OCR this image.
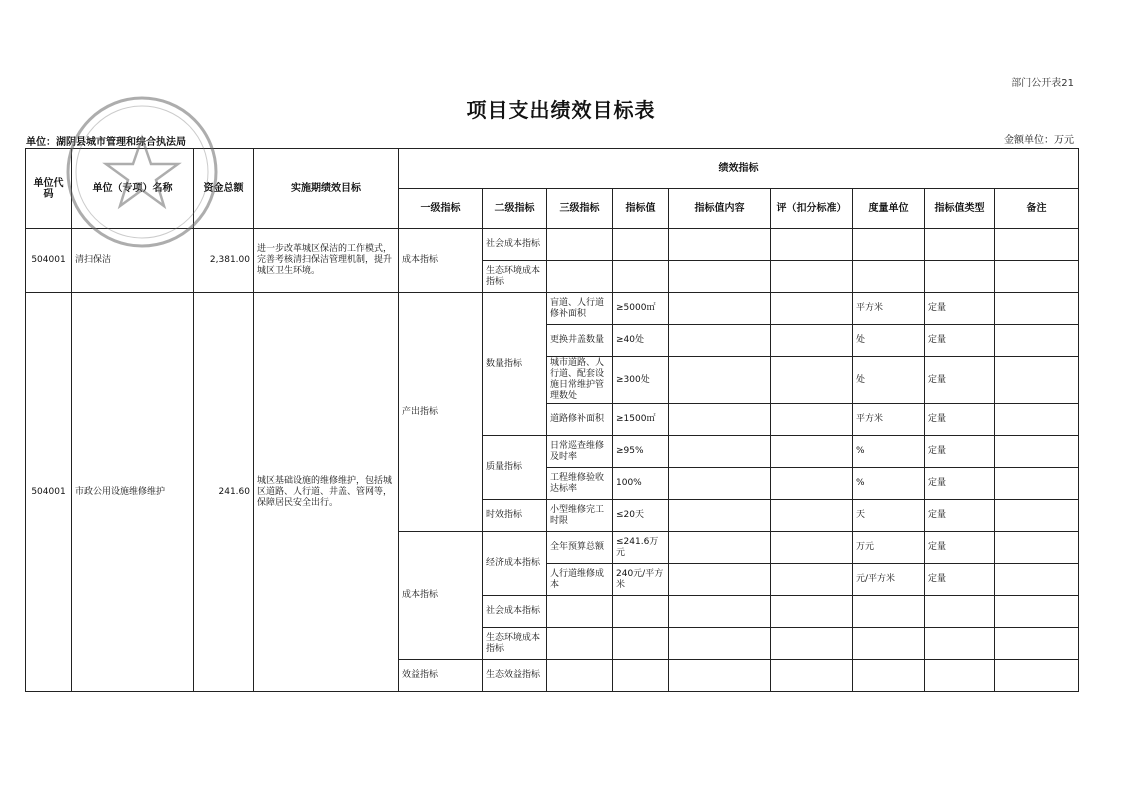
部门公开表21
项目支出绩效目标表
单位：湖阴县城市管理和综合执法局	金额单位：万元
单位代码	单位（专项）名称	资金总额	实施期绩效目标	绩效指标								
				一级指标	二级指标	三级指标	指标值	指标值内容	评（扣分标准）	度量单位	指标值类型	备注
504001	清扫保洁	2,381.00	进一步改革城区保洁的工作模式，完善考核清扫保洁管理机制，提升城区卫生环境。	成本指标	社会成本指标							
					生态环境成本指标							
504001	市政公用设施维修维护	241.60	城区基础设施的维修维护，包括城区道路、人行道、井盖、管网等，保障居民安全出行。	产出指标	数量指标	盲道、人行道修补面积	≥5000㎡			平方米	定量	
						更换井盖数量	≥40处			处	定量	
						城市道路、人行道、配套设施日常维护管理数处	≥300处			处	定量	
						道路修补面积	≥1500㎡			平方米	定量	
					质量指标	日常巡查维修及时率	≥95%			%	定量	
						工程维修验收达标率	100%			%	定量	
					时效指标	小型维修完工时限	≤20天			天	定量	
				成本指标	经济成本指标	全年预算总额	≤241.6万元			万元	定量	
						人行道维修成本	240元/平方米			元/平方米	定量	
					社会成本指标							
					生态环境成本指标							
				效益指标	生态效益指标							
